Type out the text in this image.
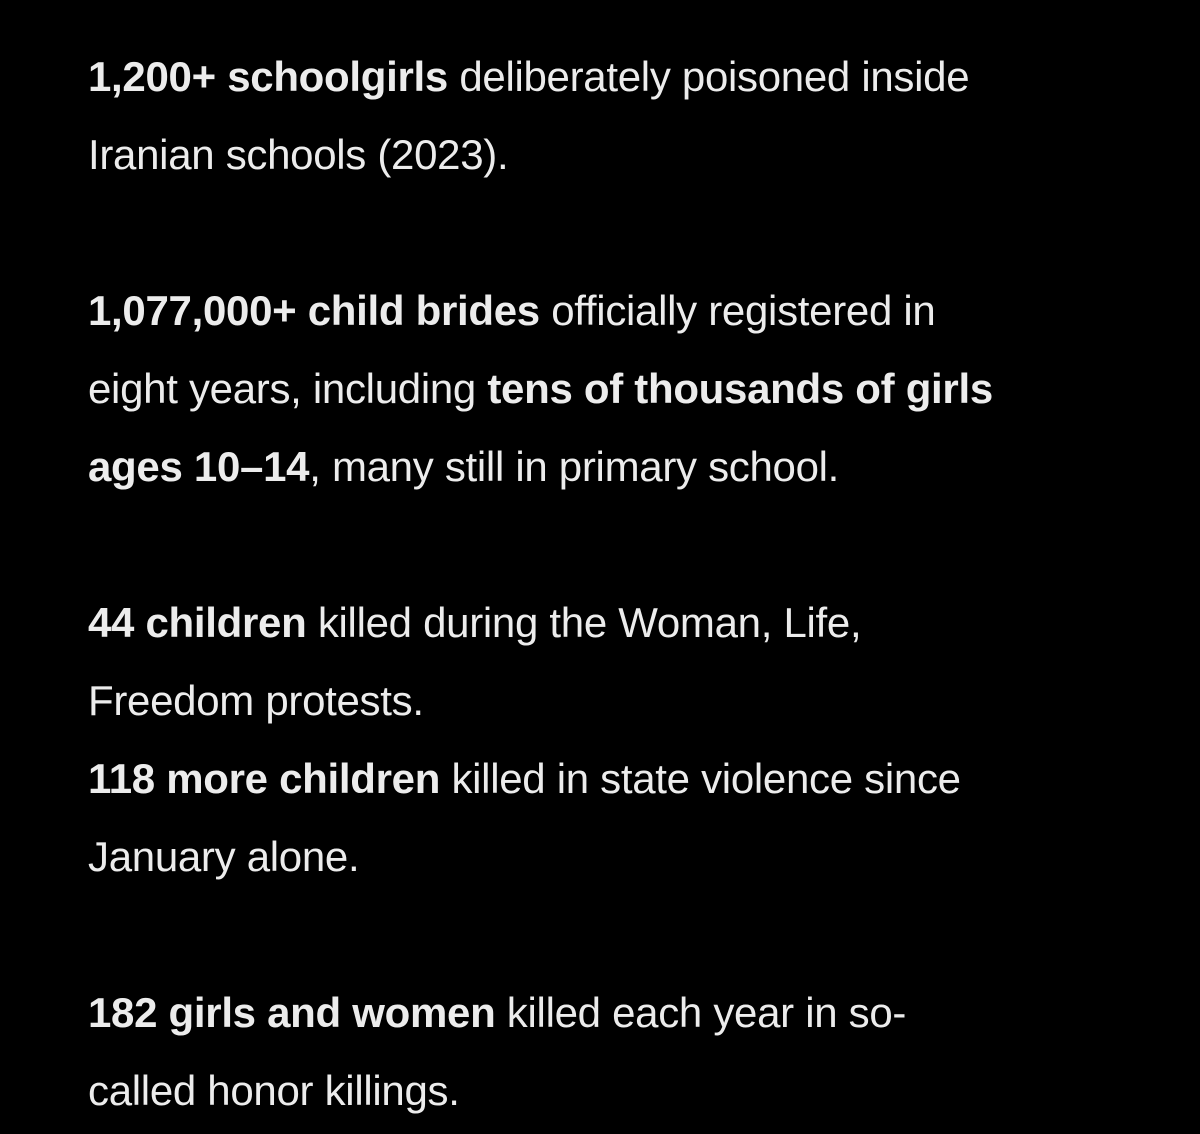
1,200+ schoolgirls deliberately poisoned inside
Iranian schools (2023).
1,077,000+ child brides officially registered in
eight years, including tens of thousands of girls
ages 10–14, many still in primary school.
44 children killed during the Woman, Life,
Freedom protests.
118 more children killed in state violence since
January alone.
182 girls and women killed each year in so-
called honor killings.
